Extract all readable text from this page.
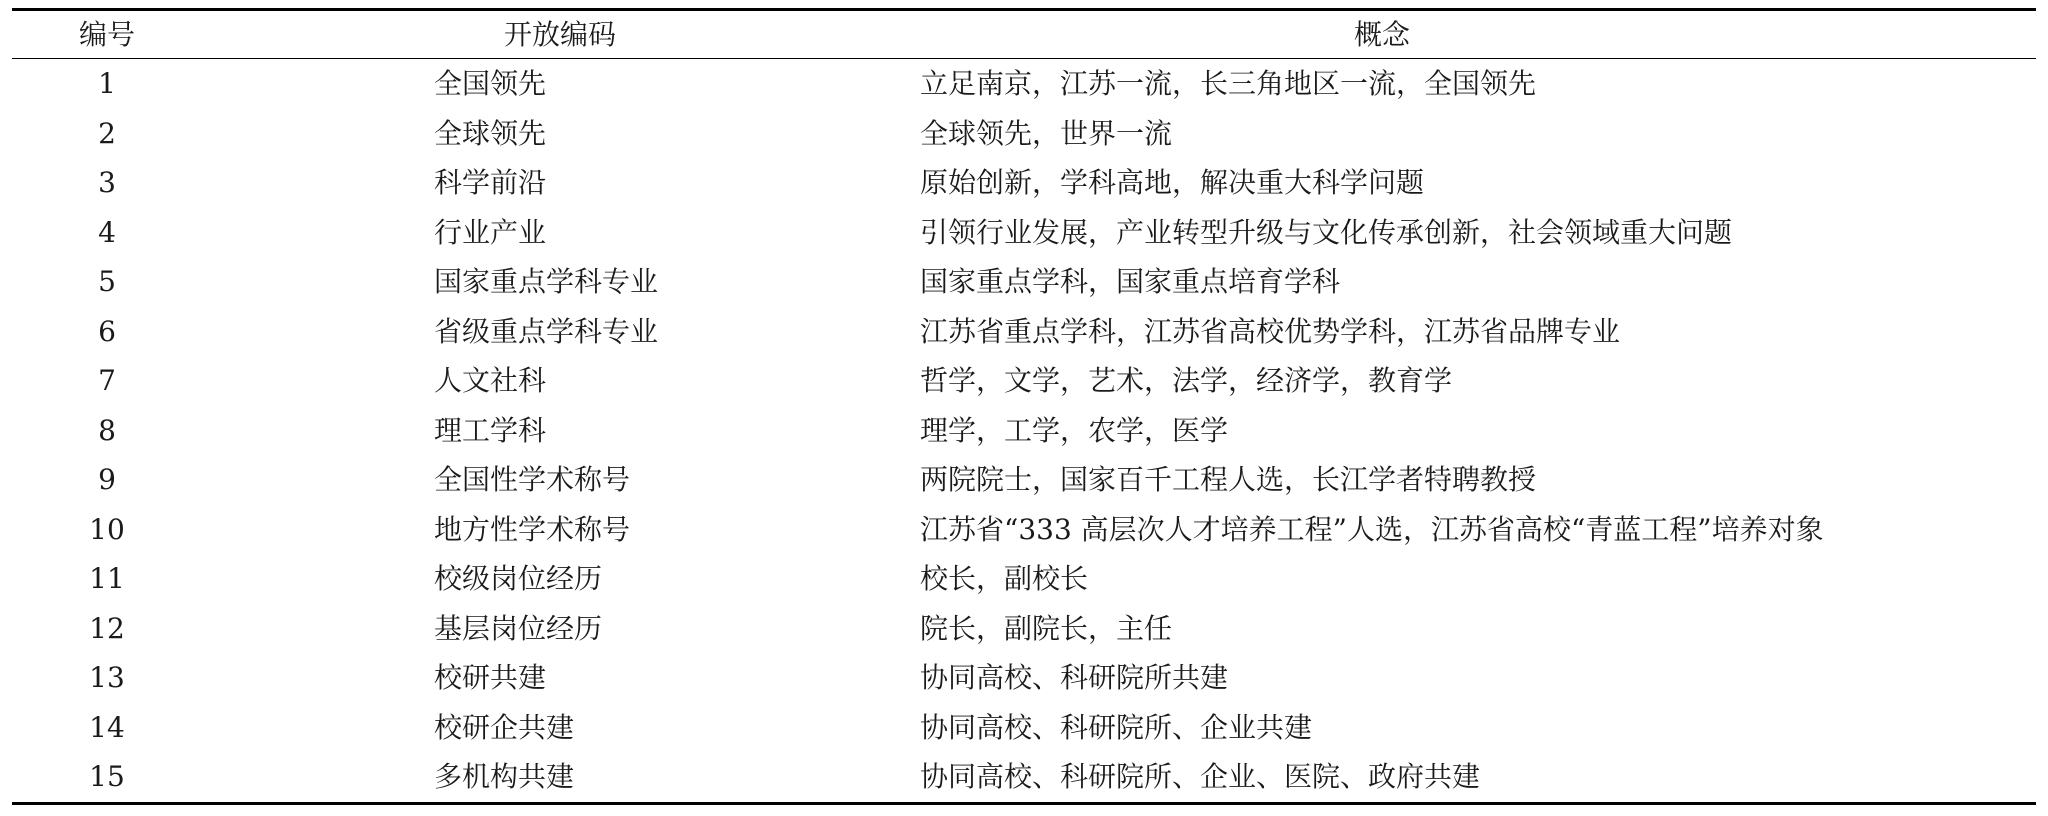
编号	开放编码	概念
1	全国领先	立足南京，江苏一流，长三角地区一流，全国领先
2	全球领先	全球领先，世界一流
3	科学前沿	原始创新，学科高地，解决重大科学问题
4	行业产业	引领行业发展，产业转型升级与文化传承创新，社会领域重大问题
5	国家重点学科专业	国家重点学科，国家重点培育学科
6	省级重点学科专业	江苏省重点学科，江苏省高校优势学科，江苏省品牌专业
7	人文社科	哲学，文学，艺术，法学，经济学，教育学
8	理工学科	理学，工学，农学，医学
9	全国性学术称号	两院院士，国家百千工程人选，长江学者特聘教授
10	地方性学术称号	江苏省“333 高层次人才培养工程”人选，江苏省高校“青蓝工程”培养对象
11	校级岗位经历	校长，副校长
12	基层岗位经历	院长，副院长，主任
13	校研共建	协同高校、科研院所共建
14	校研企共建	协同高校、科研院所、企业共建
15	多机构共建	协同高校、科研院所、企业、医院、政府共建
